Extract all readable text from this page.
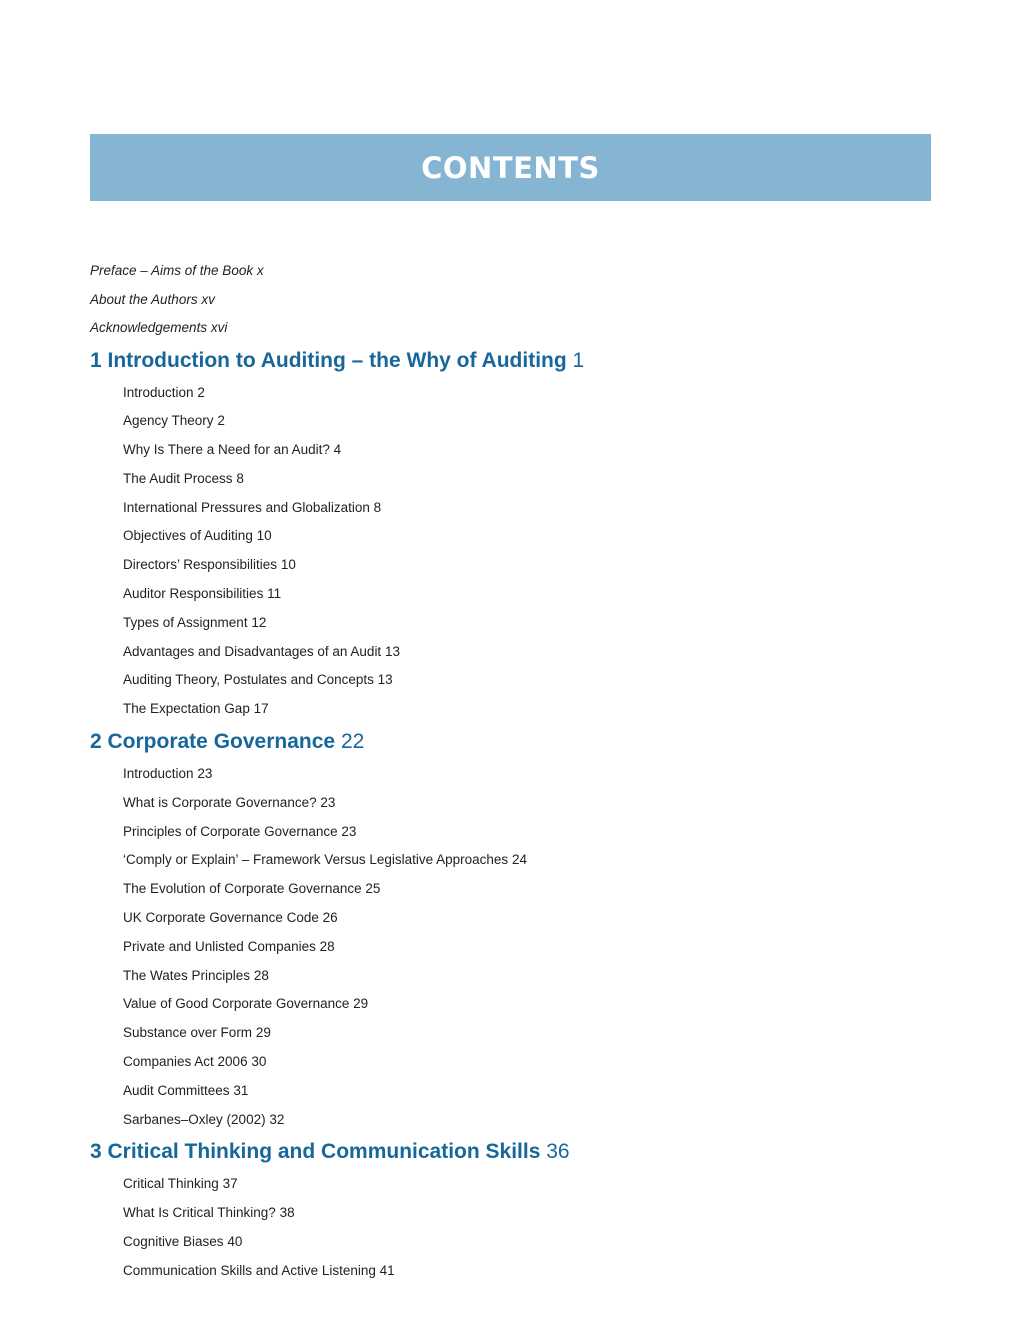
CONTENTS
Preface – Aims of the Book x
About the Authors xv
Acknowledgements xvi
1 Introduction to Auditing – the Why of Auditing 1
Introduction 2
Agency Theory 2
Why Is There a Need for an Audit? 4
The Audit Process 8
International Pressures and Globalization 8
Objectives of Auditing 10
Directors’ Responsibilities 10
Auditor Responsibilities 11
Types of Assignment 12
Advantages and Disadvantages of an Audit 13
Auditing Theory, Postulates and Concepts 13
The Expectation Gap 17
2 Corporate Governance 22
Introduction 23
What is Corporate Governance? 23
Principles of Corporate Governance 23
‘Comply or Explain’ – Framework Versus Legislative Approaches 24
The Evolution of Corporate Governance 25
UK Corporate Governance Code 26
Private and Unlisted Companies 28
The Wates Principles 28
Value of Good Corporate Governance 29
Substance over Form 29
Companies Act 2006 30
Audit Committees 31
Sarbanes–Oxley (2002) 32
3 Critical Thinking and Communication Skills 36
Critical Thinking 37
What Is Critical Thinking? 38
Cognitive Biases 40
Communication Skills and Active Listening 41
